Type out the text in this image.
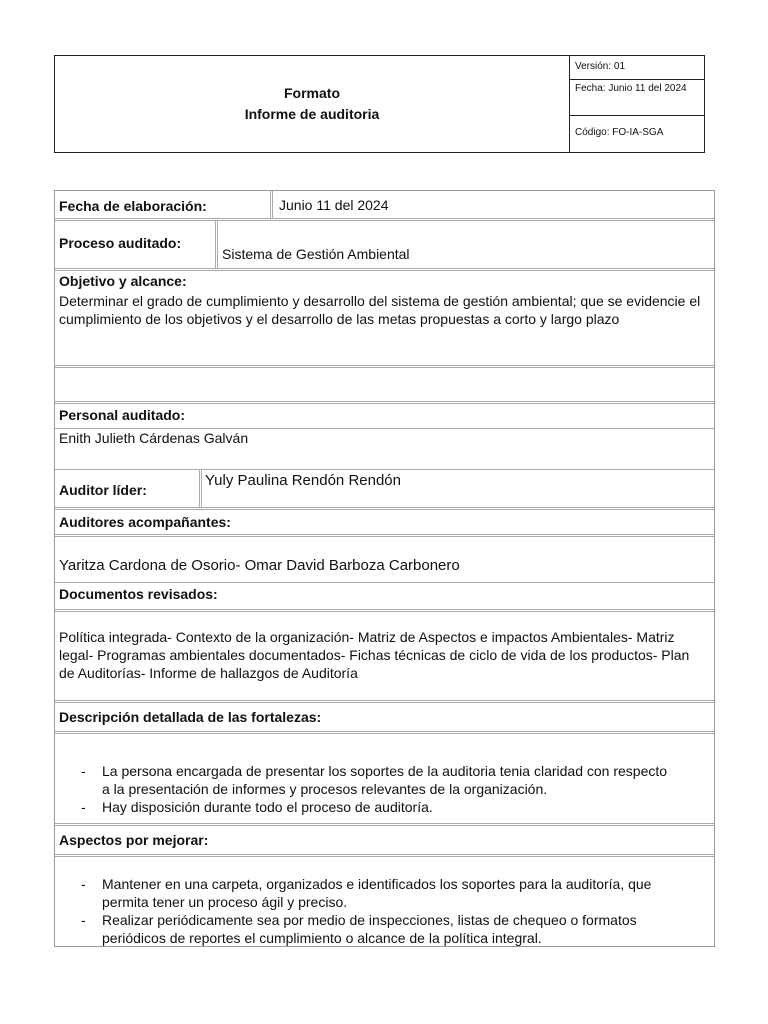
Formato
Informe de auditoria
Versión: 01
Fecha: Junio 11 del 2024
Código: FO-IA-SGA
Fecha de elaboración:	Junio 11 del 2024
Proceso auditado:
Sistema de Gestión Ambiental
Objetivo y alcance:
Determinar el grado de cumplimiento y desarrollo del sistema de gestión ambiental; que se evidencie el cumplimiento de los objetivos y el desarrollo de las metas propuestas a corto y largo plazo
Personal auditado:
Enith Julieth Cárdenas Galván
Auditor líder:
Yuly Paulina Rendón Rendón
Auditores acompañantes:
Yaritza Cardona de Osorio- Omar David Barboza Carbonero
Documentos revisados:
Política integrada- Contexto de la organización- Matriz de Aspectos e impactos Ambientales- Matriz legal- Programas ambientales documentados- Fichas técnicas de ciclo de vida de los productos- Plan de Auditorías- Informe de hallazgos de Auditoría
Descripción detallada de las fortalezas:
- La persona encargada de presentar los soportes de la auditoria tenia claridad con respecto a la presentación de informes y procesos relevantes de la organización.
- Hay disposición durante todo el proceso de auditoría.
Aspectos por mejorar:
- Mantener en una carpeta, organizados e identificados los soportes para la auditoría, que permita tener un proceso ágil y preciso.
- Realizar periódicamente sea por medio de inspecciones, listas de chequeo o formatos periódicos de reportes el cumplimiento o alcance de la política integral.
